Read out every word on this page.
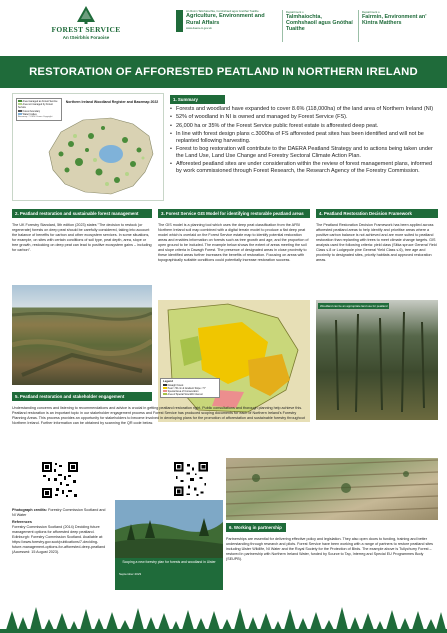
FOREST SERVICE
An tSeirbhís Foraoise
An Roinn Talmhaíochta, Comhshaoil agus Gnóthaí Tuaithe
Agriculture, Environment and Rural Affairs
www.daera-ni.gov.uk
Depairtment o
Talmhaíochta, Comhshaoil agus Gnóthaí Tuaithe
Depairtment o
Fairmin, Environment an' Kintra Matthers
RESTORATION OF AFFORESTED PEATLAND IN NORTHERN IRELAND
Area managed as Forest Service
Area not managed by Forest Service
Forest boundary
Water bodies
Basemap: ©OSNI Crown Copyright
Northern Ireland Woodland Register and Basemap 2022	1. Summary
• Forests and woodland have expanded to cover 8.6% (118,000ha) of the land area of Northern Ireland (NI)
• 52% of woodland in NI is owned and managed by Forest Service (FS).
• 26,000 ha or 35% of the Forest Service public forest estate is afforested deep peat.
• In line with forest design plans c.3000ha of FS afforested peat sites has been identified and will not be replanted following harvesting.
• Forest to bog restoration will contribute to the DAERA Peatland Strategy and to actions being taken under the Land Use, Land Use Change and Forestry Sectoral Climate Action Plan.
• Afforested peatland sites are under consideration within the review of forest management plans, informed by work commissioned through Forest Research, the Research Agency of the Forestry Commission.
2. Peatland restoration and sustainable forest management
The UK Forestry Standard, 5th edition (2023) states "The decision to restock (or regenerate) forests on deep peat should be carefully considered, taking into account the balance of benefits for carbon and other ecosystem services. In some situations, for example, on sites with certain conditions of soil type, peat depth, area, slope or tree growth, restocking on deep peat can lead to positive ecosystem gains – including for carbon".
3. Forest Service GIS Model for identifying restorable peatland areas
The GIS model is a planning tool which uses the deep peat classification from the AFBI Northern Ireland soil map combined with a digital terrain model to produce a flat deep peat model which is overlaid on the Forest Service estate map to identify potential restoration areas and enables information on forests such as tree growth and age, and the proportion of open ground to be included. The example below shows the extent of areas meeting the soil and slope criteria in Davagh Forest. The presence of designated areas in close proximity to these identified areas further increases the benefits of restoration. Focusing on areas with topographically suitable conditions could potentially increase restoration success.
Legend
Davagh Forest
Peat > 50 cm & Gradient Slope < 5°
Special Area of Conservation
Area of Special Scientific Interest
4. Peatland Restoration Decision Framework
The Peatland Restoration Decision Framework has been applied across afforested peatland areas to help identify and prioritise areas where a positive carbon balance is not achieved and are more suited to peatland restoration than replanting with trees to meet climate change targets. GIS analysis used the following criteria: yield class (Sitka spruce General Yield Class ≤ 8 or Lodgepole pine General Yield Class ≤ 6), tree age and proximity to designated sites, priority habitats and approved restoration areas.
Woodland can be an appropriate land use for peatland
5. Peatland restoration and stakeholder engagement
Understanding concerns and listening to recommendations and advice is crucial in getting peatland restoration right. Public consultations and thorough planning help achieve this. Peatland restoration is an important topic in our stakeholder engagement process and Forest Service has produced scoping documents for each of Northern Ireland's Forestry Planning Areas. This process provides an opportunity for stakeholders to become involved in developing plans for the promotion of afforestation and sustainable forestry throughout Northern Ireland. Further information can be obtained by scanning the QR code below.
Photograph credits: Forestry Commission Scotland and NI Water
References
Forestry Commission Scotland (2014) Deciding future management options for afforested deep peatland. Edinburgh: Forestry Commission Scotland. Available at: https://www.forestry.gov.scot/publications/7-deciding-future-management-options-for-afforested-deep-peatland (Accessed: 15 August 2023).
Scoping a new forestry plan for forests and woodland in Ulster
September 2023
6. Working in partnership
Partnerships are essential for delivering effective policy and legislation. They also open doors to funding, training and better understanding through research and pilots. Forest Service have been working with a range of partners to restore peatland sites including Ulster Wildlife, NI Water and the Royal Society for the Protection of Birds. The example above is Tullychurry Forest – restored in partnership with Northern Ireland Water, funded by Source to Tap, Interreg and Special EU Programmes Body (SEUPB).
